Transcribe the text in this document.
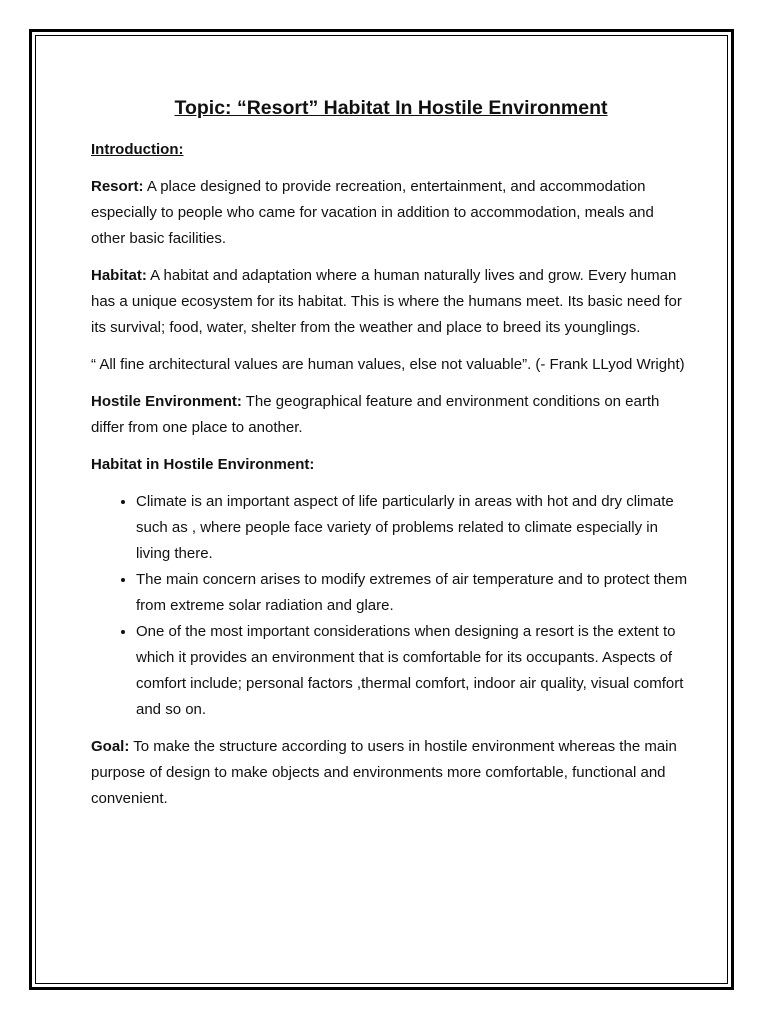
Topic: “Resort” Habitat In Hostile Environment
Introduction:

Resort: A place designed to provide recreation, entertainment, and accommodation especially to people who came for vacation in addition to accommodation, meals and other basic facilities.

Habitat: A habitat and adaptation where a human naturally lives and grow. Every human has a unique ecosystem for its habitat. This is where the humans meet. Its basic need for its survival; food, water, shelter from the weather and place to breed its younglings.

“ All fine architectural values are human values, else not valuable”. (- Frank LLyod Wright)

Hostile Environment: The geographical feature and environment conditions on earth differ from one place to another.

Habitat in Hostile Environment:
• Climate is an important aspect of life particularly in areas with hot and dry climate such as , where people face variety of problems related to climate especially in living there.
• The main concern arises to modify extremes of air temperature and to protect them from extreme solar radiation and glare.
• One of the most important considerations when designing a resort is the extent to which it provides an environment that is comfortable for its occupants. Aspects of comfort include; personal factors ,thermal comfort, indoor air quality, visual comfort and so on.

Goal: To make the structure according to users in hostile environment whereas the main purpose of design to make objects and environments more comfortable, functional and convenient.
